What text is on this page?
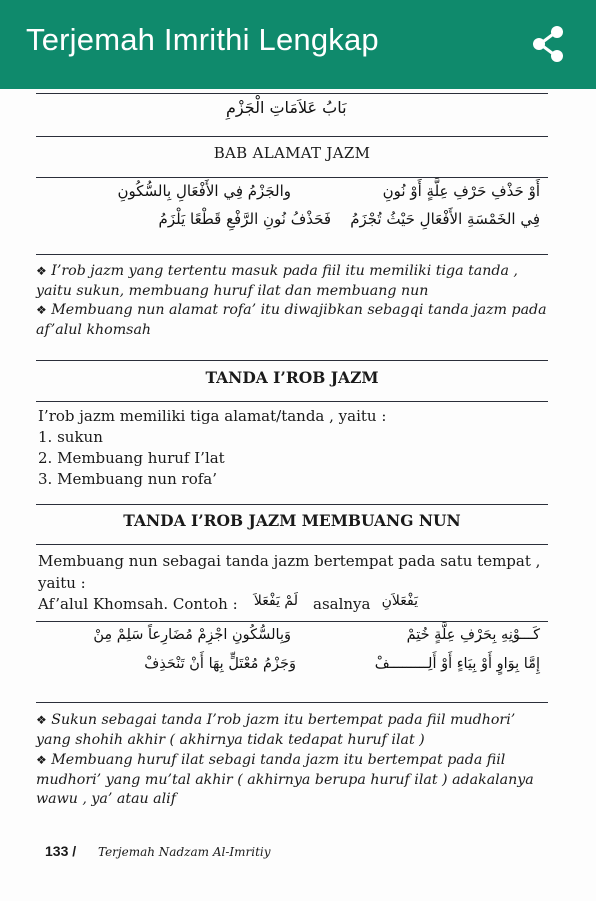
Terjemah Imrithi Lengkap
بَابُ عَلاَمَاتِ الْجَزْمِ
BAB ALAMAT JAZM
والجَزْمُ فِي الأَفْعَالِ بِالسُّكُونِ	أَوْ حَذْفِ حَرْفِ عِلَّةٍ أَوْ نُونِ
فَحَذْفُ نُونِ الرَّفْعِ قَطْعًا يَلْزَمُ فِي الخَمْسَةِ الأَفْعَالِ حَيْثُ تُجْزَمُ
❖ I’rob jazm yang tertentu masuk pada fiil itu memiliki tiga tanda , yaitu sukun, membuang huruf ilat dan membuang nun
❖ Membuang nun alamat rofa’ itu diwajibkan sebagqi tanda jazm pada af’alul khomsah
TANDA I’ROB JAZM
I’rob jazm memiliki tiga alamat/tanda , yaitu :
1. sukun
2. Membuang huruf I’lat
3. Membuang nun rofa’
TANDA I’ROB JAZM MEMBUANG NUN
Membuang nun sebagai tanda jazm bertempat pada satu tempat ,
yaitu :
Af’alul Khomsah. Contoh : لَمْ يَفْعَلاَ asalnya يَفْعَلاَنِ
وَبِالسُّكُونِ اجْزِمْ مُضَارِعاً سَلِمْ مِنْ	كَـــوْنِهِ بِحَرْفِ عِلَّةٍ خُتِمْ
وَجَزْمُ مُعْتَلٍّ بِهَا أَنْ تَنْحَذِفْ	إِمَّا بِوَاوٍ أَوْ بِيَاءٍ أَوْ أَلِـــــــــفْ
❖ Sukun sebagai tanda I’rob jazm itu bertempat pada fiil mudhori’ yang shohih akhir ( akhirnya tidak tedapat huruf ilat )
❖ Membuang huruf ilat sebagi tanda jazm itu bertempat pada fiil mudhori’ yang mu’tal akhir ( akhirnya berupa huruf ilat ) adakalanya wawu , ya’ atau alif
133 / Terjemah Nadzam Al-Imritiy
